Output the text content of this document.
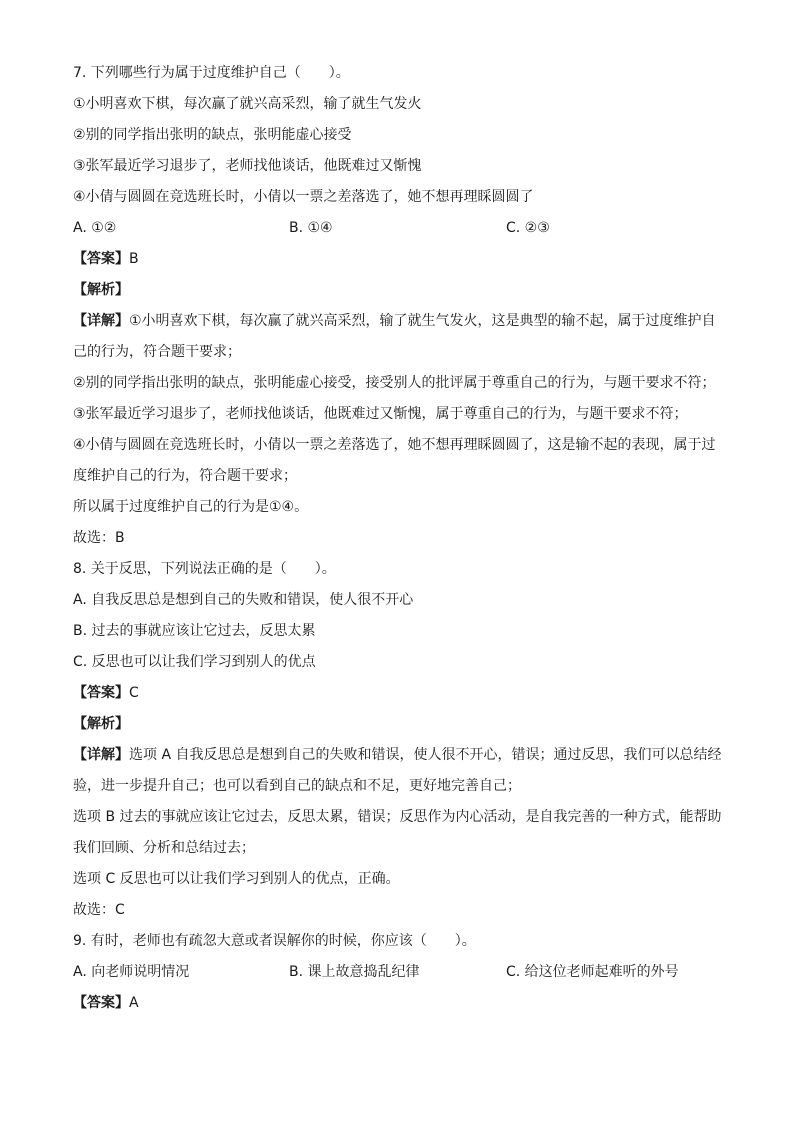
7. 下列哪些行为属于过度维护自己（　　）。
①小明喜欢下棋，每次赢了就兴高采烈，输了就生气发火
②别的同学指出张明的缺点，张明能虚心接受
③张军最近学习退步了，老师找他谈话，他既难过又惭愧
④小倩与圆圆在竞选班长时，小倩以一票之差落选了，她不想再理睬圆圆了
A. ①②	B. ①④	C. ②③
【答案】B
【解析】
【详解】①小明喜欢下棋，每次赢了就兴高采烈，输了就生气发火，这是典型的输不起，属于过度维护自
己的行为，符合题干要求；
②别的同学指出张明的缺点，张明能虚心接受，接受别人的批评属于尊重自己的行为，与题干要求不符；
③张军最近学习退步了，老师找他谈话，他既难过又惭愧，属于尊重自己的行为，与题干要求不符；
④小倩与圆圆在竞选班长时，小倩以一票之差落选了，她不想再理睬圆圆了，这是输不起的表现，属于过
度维护自己的行为，符合题干要求；
所以属于过度维护自己的行为是①④。
故选：B
8. 关于反思，下列说法正确的是（　　）。
A. 自我反思总是想到自己的失败和错误，使人很不开心
B. 过去的事就应该让它过去，反思太累
C. 反思也可以让我们学习到别人的优点
【答案】C
【解析】
【详解】选项 A 自我反思总是想到自己的失败和错误，使人很不开心，错误；通过反思，我们可以总结经
验，进一步提升自己；也可以看到自己的缺点和不足，更好地完善自己；
选项 B 过去的事就应该让它过去，反思太累，错误；反思作为内心活动，是自我完善的一种方式，能帮助
我们回顾、分析和总结过去；
选项 C 反思也可以让我们学习到别人的优点，正确。
故选：C
9. 有时，老师也有疏忽大意或者误解你的时候，你应该（　　）。
A. 向老师说明情况	B. 课上故意捣乱纪律	C. 给这位老师起难听的外号
【答案】A
